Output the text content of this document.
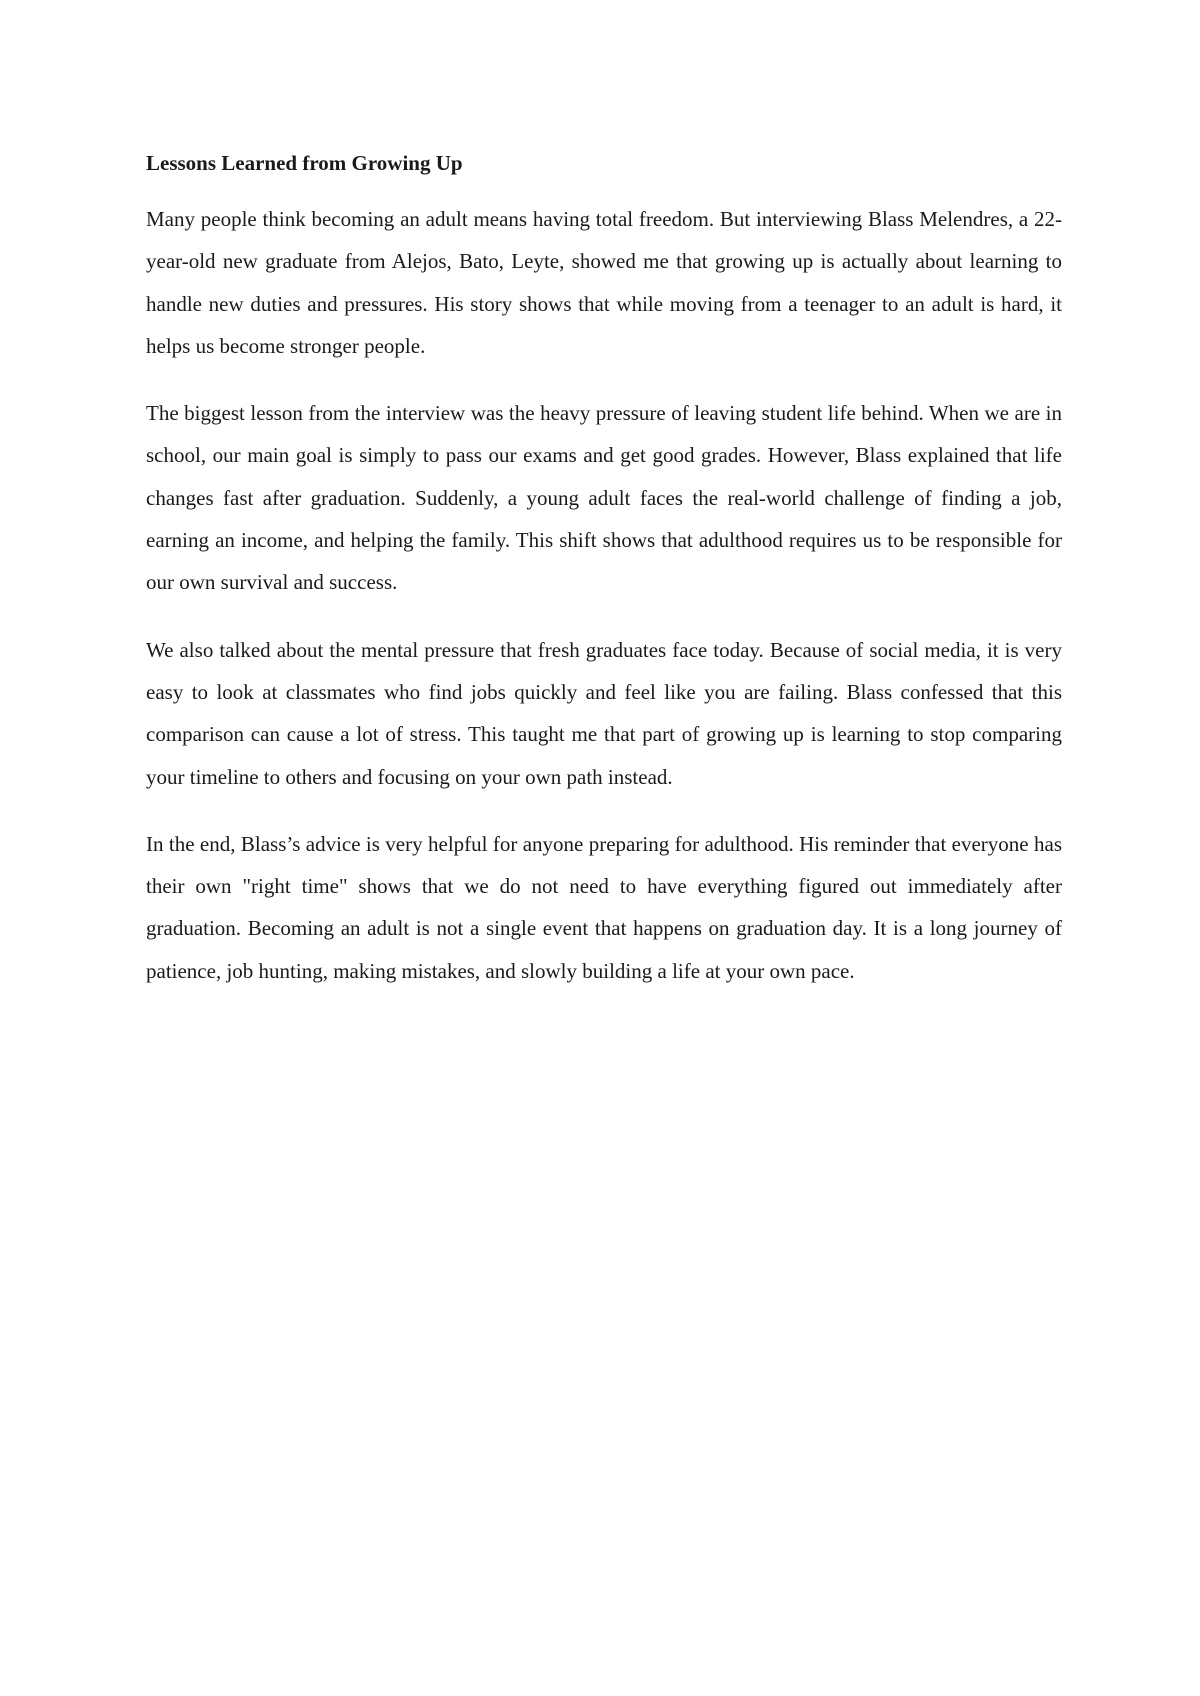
Lessons Learned from Growing Up

Many people think becoming an adult means having total freedom. But interviewing Blass Melendres, a 22-year-old new graduate from Alejos, Bato, Leyte, showed me that growing up is actually about learning to handle new duties and pressures. His story shows that while moving from a teenager to an adult is hard, it helps us become stronger people.

The biggest lesson from the interview was the heavy pressure of leaving student life behind. When we are in school, our main goal is simply to pass our exams and get good grades. However, Blass explained that life changes fast after graduation. Suddenly, a young adult faces the real-world challenge of finding a job, earning an income, and helping the family. This shift shows that adulthood requires us to be responsible for our own survival and success.

We also talked about the mental pressure that fresh graduates face today. Because of social media, it is very easy to look at classmates who find jobs quickly and feel like you are failing. Blass confessed that this comparison can cause a lot of stress. This taught me that part of growing up is learning to stop comparing your timeline to others and focusing on your own path instead.

In the end, Blass’s advice is very helpful for anyone preparing for adulthood. His reminder that everyone has their own "right time" shows that we do not need to have everything figured out immediately after graduation. Becoming an adult is not a single event that happens on graduation day. It is a long journey of patience, job hunting, making mistakes, and slowly building a life at your own pace.
